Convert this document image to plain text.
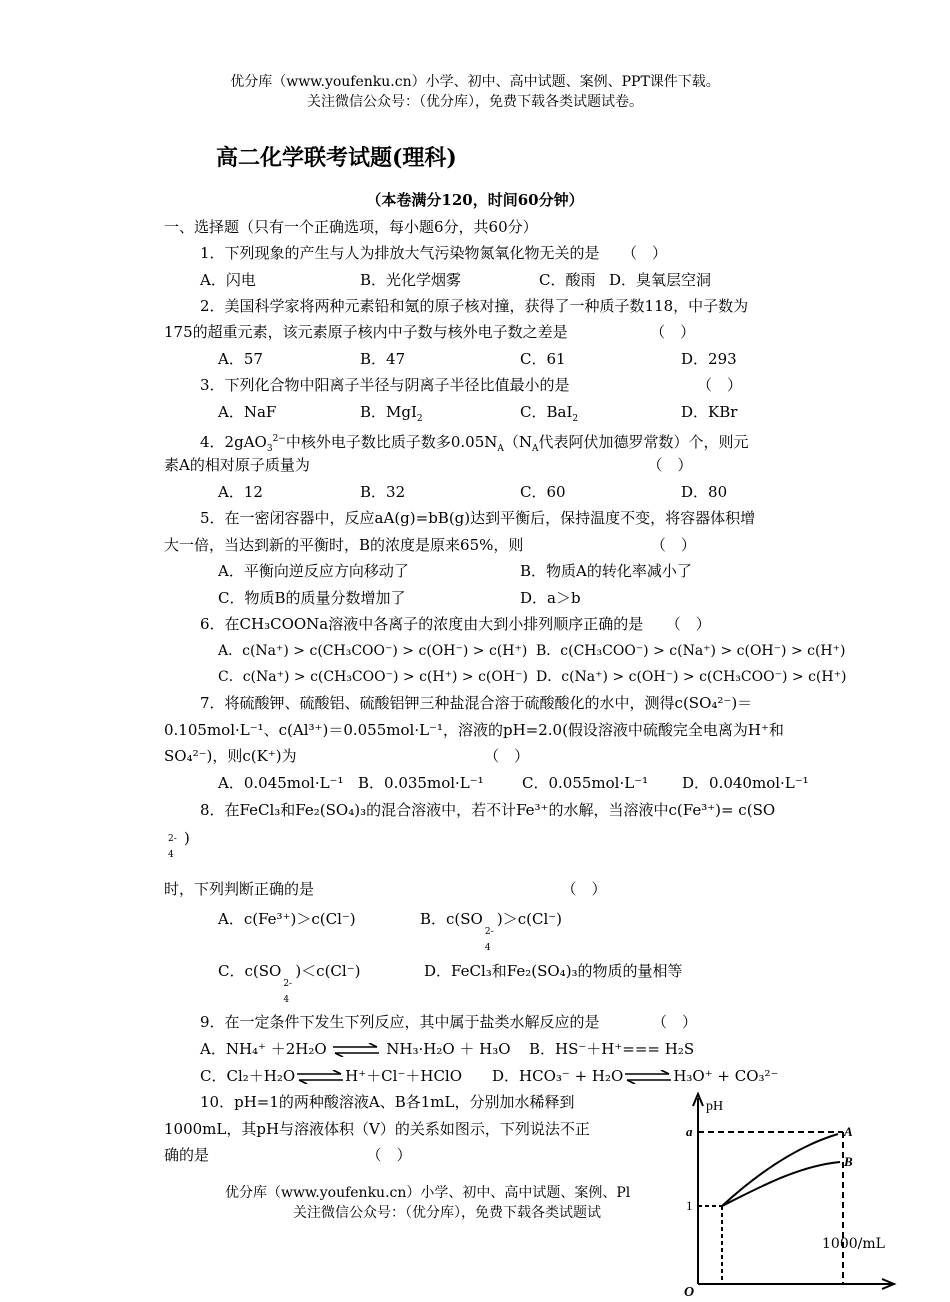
优分库（www.youfenku.cn）小学、初中、高中试题、案例、PPT课件下载。
关注微信公众号：（优分库），免费下载各类试题试卷。
高二化学联考试题(理科)
（本卷满分120，时间60分钟）
一、选择题（只有一个正确选项，每小题6分，共60分）
1．下列现象的产生与人为排放大气污染物氮氧化物无关的是　　（　）
A．闪电	B．光化学烟雾	C．酸雨 D．臭氧层空洞
2．美国科学家将两种元素铅和氪的原子核对撞，获得了一种质子数118，中子数为
175的超重元素，该元素原子核内中子数与核外电子数之差是　　　　　　（　）
A．57	B．47	C．61	D．293
3．下列化合物中阳离子半径与阴离子半径比值最小的是　　　　　　　　　（　）
A．NaF	B．MgI$_2$	C．BaI$_2$	D．KBr
4．2gAO$_3^{2-}$中核外电子数比质子数多$0.05N_A(N_A$代表阿伏加德罗常数）个，则元
素A的相对原子质量为　　　　　　　　　　　　　　　　　　　　　　　（　）
A．12	B．32	C．60	D．80
5．在一密闭容器中，反应aA(g)=bB(g)达到平衡后，保持温度不变，将容器体积增
大一倍，当达到新的平衡时，B的浓度是原来65%，则　　　　　　　　　（　）
A．平衡向逆反应方向移动了	B．物质A的转化率减小了
C．物质B的质量分数增加了	D．a＞b
6．在CH₃COONa溶液中各离子的浓度由大到小排列顺序正确的是　　（　）
A．c(Na⁺) > c(CH₃COO⁻) > c(OH⁻) > c(H⁺) B．c(CH₃COO⁻) > c(Na⁺) > c(OH⁻) > c(H⁺)
C．c(Na⁺) > c(CH₃COO⁻) > c(H⁺) > c(OH⁻) D．c(Na⁺) > c(OH⁻) > c(CH₃COO⁻) > c(H⁺)
7．将硫酸钾、硫酸铝、硫酸铝钾三种盐混合溶于硫酸酸化的水中，测得c(SO₄²⁻)＝
0.105mol·L⁻¹、c(Al³⁺)＝0.055mol·L⁻¹，溶液的pH=2.0(假设溶液中硫酸完全电离为H⁺和
SO₄²⁻)，则c(K⁺)为　　　　　　　　　　　　　（　）
A．0.045mol·L⁻¹ B．0.035mol·L⁻¹	C．0.055mol·L⁻¹ D．0.040mol·L⁻¹
8．在FeCl₃和Fe₂(SO₄)₃的混合溶液中，若不计Fe³⁺的水解，当溶液中c(Fe³⁺)= c(SO
2-
4
)
时，下列判断正确的是　　　　　　　　　　　　　　　　　（　）
A．c(Fe³⁺)＞c(Cl⁻)	B．c(SO
2-
4
)＞c(Cl⁻)
C．c(SO
2-
4
)＜c(Cl⁻)	D．FeCl₃和Fe₂(SO₄)₃的物质的量相等
9．在一定条件下发生下列反应，其中属于盐类水解反应的是　　　　（　）
A．NH₄⁺ ＋2H₂O ⇌ NH₃·H₂O ＋ H₃O B．HS⁻＋H⁺=== H₂S
C．Cl₂＋H₂O⇌H⁺＋Cl⁻＋HClO D．HCO₃⁻ + H₂O⇌H₃O⁺ + CO₃²⁻
10．pH=1的两种酸溶液A、B各1mL，分别加水稀释到
1000mL，其pH与溶液体积（V）的关系如图示，下列说法不正
确的是　　　　　　　　　　　（　）
优分库（www.youfenku.cn）小学、初中、高中试题、案例、Pl
关注微信公众号：（优分库），免费下载各类试题试
pH
a
1
O
A
B
1000/mL
